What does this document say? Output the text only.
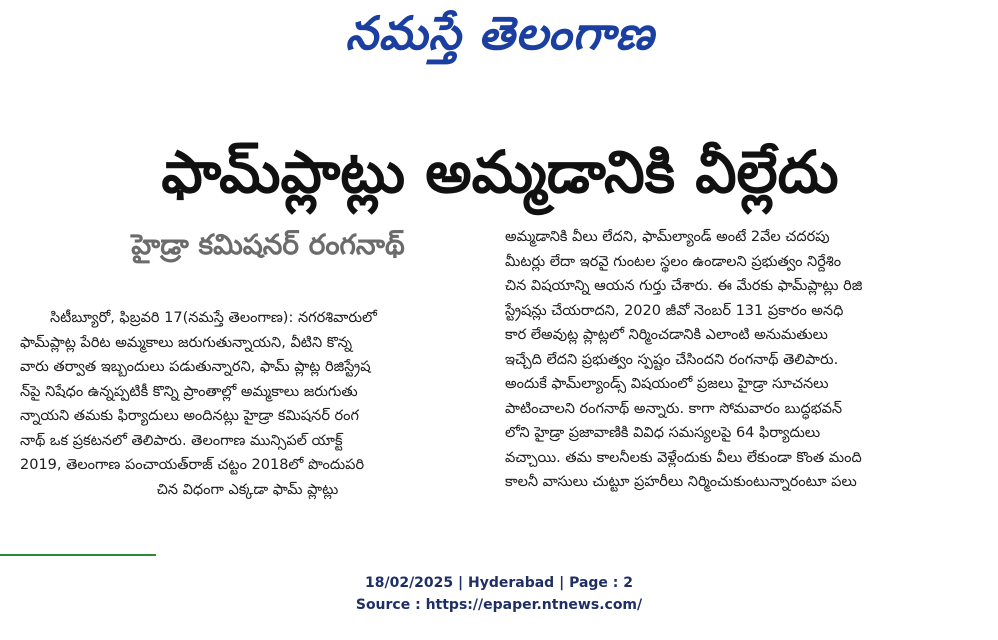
నమస్తే తెలంగాణ
ఫామ్‌ప్లాట్లు అమ్మడానికి వీల్లేదు
హైడ్రా కమిషనర్ రంగనాథ్
సిటీబ్యూరో, ఫిబ్రవరి 17(నమస్తే తెలంగాణ): నగరశివారులో
ఫామ్‌ప్లాట్ల పేరిట అమ్మకాలు జరుగుతున్నాయని, వీటిని కొన్న
వారు తర్వాత ఇబ్బందులు పడుతున్నారని, ఫామ్ ప్లాట్ల రిజిస్ట్రేష
న్‌పై నిషేధం ఉన్నప్పటికీ కొన్ని ప్రాంతాల్లో అమ్మకాలు జరుగుతు
న్నాయని తమకు ఫిర్యాదులు అందినట్లు హైడ్రా కమిషనర్ రంగ
నాథ్ ఒక ప్రకటనలో తెలిపారు. తెలంగాణ మున్సిపల్ యాక్ట్
2019, తెలంగాణ పంచాయత్‌రాజ్ చట్టం 2018లో పొందుపరి
చిన విధంగా ఎక్కడా ఫామ్ ప్లాట్లు
అమ్మడానికి వీలు లేదని, ఫామ్‌ల్యాండ్ అంటే 2వేల చదరపు
మీటర్లు లేదా ఇరవై గుంటల స్థలం ఉండాలని ప్రభుత్వం నిర్దేశిం
చిన విషయాన్ని ఆయన గుర్తు చేశారు. ఈ మేరకు ఫామ్‌ప్లాట్లు రిజి
స్ట్రేషన్లు చేయరాదని, 2020 జీవో నెంబర్ 131 ప్రకారం అనధి
కార లేఅవుట్ల ప్లాట్లలో నిర్మించడానికి ఎలాంటి అనుమతులు
ఇచ్చేది లేదని ప్రభుత్వం స్పష్టం చేసిందని రంగనాథ్ తెలిపారు.
అందుకే ఫామ్‌ల్యాండ్స్ విషయంలో ప్రజలు హైడ్రా సూచనలు
పాటించాలని రంగనాథ్ అన్నారు. కాగా సోమవారం బుద్ధభవన్
లోని హైడ్రా ప్రజావాణికి వివిధ సమస్యలపై 64 ఫిర్యాదులు
వచ్చాయి. తమ కాలనీలకు వెళ్లేందుకు వీలు లేకుండా కొంత మంది
కాలనీ వాసులు చుట్టూ ప్రహరీలు నిర్మించుకుంటున్నారంటూ పలు
18/02/2025 | Hyderabad | Page : 2
Source : https://epaper.ntnews.com/
